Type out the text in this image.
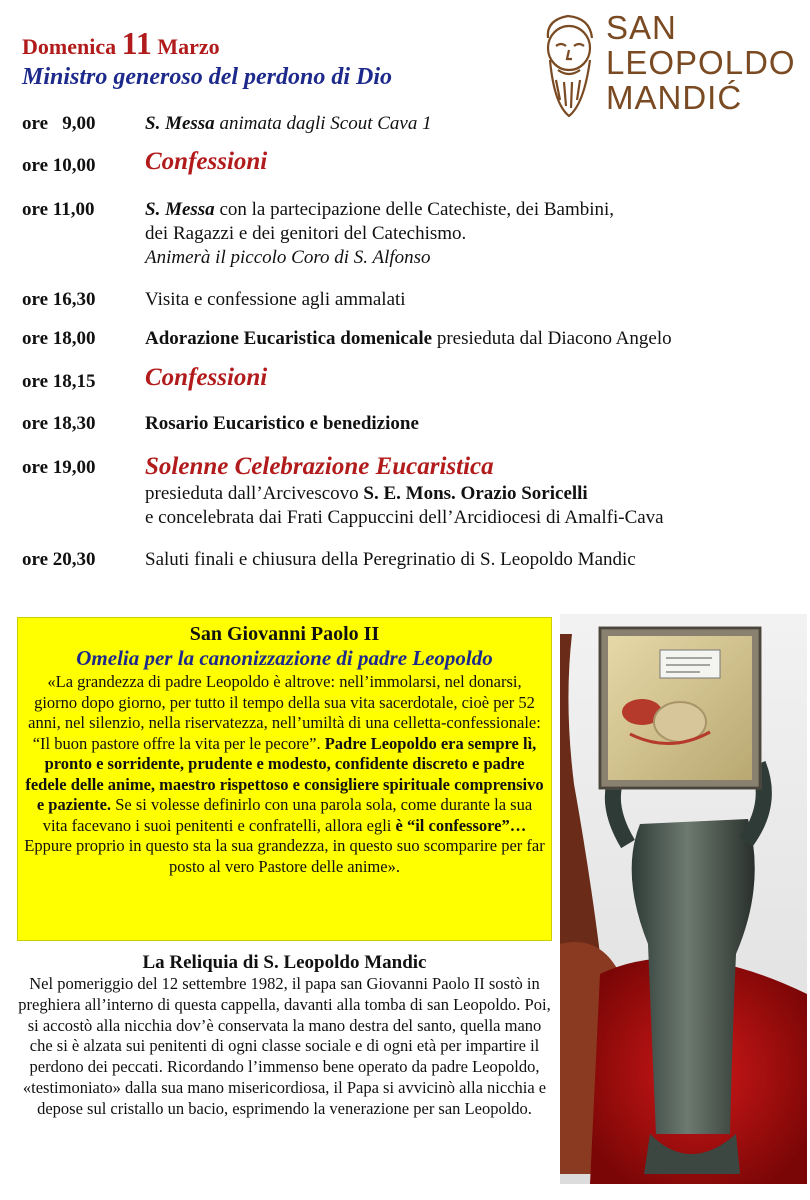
Domenica 11 Marzo
Ministro generoso del perdono di Dio
SAN
LEOPOLDO
MANDIĆ
ore   9,00	S. Messa animata dagli Scout Cava 1
ore 10,00 Confessioni
ore 11,00	S. Messa con la partecipazione delle Catechiste, dei Bambini,
dei Ragazzi e dei genitori del Catechismo.
Animerà il piccolo Coro di S. Alfonso
ore 16,30	Visita e confessione agli ammalati
ore 18,00	Adorazione Eucaristica domenicale presieduta dal Diacono Angelo
ore 18,15 Confessioni
ore 18,30	Rosario Eucaristico e benedizione
ore 19,00 Solenne Celebrazione Eucaristica
presieduta dall’Arcivescovo S. E. Mons. Orazio Soricelli
e concelebrata dai Frati Cappuccini dell’Arcidiocesi di Amalfi-Cava
ore 20,30	Saluti finali e chiusura della Peregrinatio di S. Leopoldo Mandic
San Giovanni Paolo II
Omelia per la canonizzazione di padre Leopoldo
«La grandezza di padre Leopoldo è altrove: nell’immolarsi, nel donarsi, giorno dopo giorno, per tutto il tempo della sua vita sacerdotale, cioè per 52 anni, nel silenzio, nella riservatezza, nell’umiltà di una celletta-confessionale: “Il buon pastore offre la vita per le pecore”. Padre Leopoldo era sempre lì, pronto e sorridente, prudente e modesto, confidente discreto e padre fedele delle anime, maestro rispettoso e consigliere spirituale comprensivo e paziente. Se si volesse definirlo con una parola sola, come durante la sua vita facevano i suoi penitenti e confratelli, allora egli è “il confessore”… Eppure proprio in questo sta la sua grandezza, in questo suo scomparire per far posto al vero Pastore delle anime».
La Reliquia di S. Leopoldo Mandic
Nel pomeriggio del 12 settembre 1982, il papa san Giovanni Paolo II sostò in preghiera all’interno di questa cappella, davanti alla tomba di san Leopoldo. Poi, si accostò alla nicchia dov’è conservata la mano destra del santo, quella mano che si è alzata sui penitenti di ogni classe sociale e di ogni età per impartire il perdono dei peccati. Ricordando l’immenso bene operato da padre Leopoldo, «testimoniato» dalla sua mano misericordiosa, il Papa si avvicinò alla nicchia e depose sul cristallo un bacio, esprimendo la venerazione per san Leopoldo.
